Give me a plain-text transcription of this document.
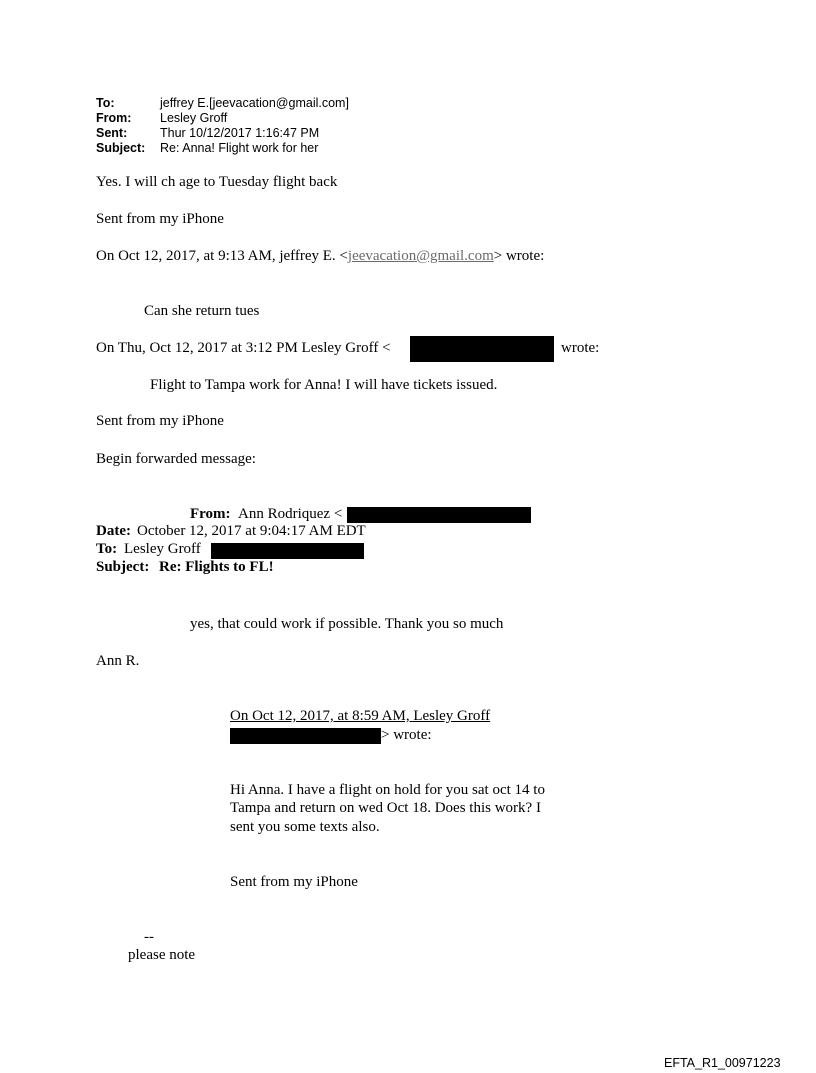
To:	jeffrey E.[jeevacation@gmail.com]
From: Lesley Groff
Sent:	Thur 10/12/2017 1:16:47 PM
Subject: Re: Anna! Flight work for her
Yes. I will ch age to Tuesday flight back
Sent from my iPhone
On Oct 12, 2017, at 9:13 AM, jeffrey E. <jeevacation@gmail.com> wrote:
Can she return tues
On Thu, Oct 12, 2017 at 3:12 PM Lesley Groff <	wrote:
Flight to Tampa work for Anna! I will have tickets issued.
Sent from my iPhone
Begin forwarded message:
From: Ann Rodriquez <
Date: October 12, 2017 at 9:04:17 AM EDT
To: Lesley Groff
Subject: Re: Flights to FL!
yes, that could work if possible. Thank you so much
Ann R.
On Oct 12, 2017, at 8:59 AM, Lesley Groff
> wrote:
Hi Anna. I have a flight on hold for you sat oct 14 to
Tampa and return on wed Oct 18. Does this work? I
sent you some texts also.
Sent from my iPhone
--
please note
EFTA_R1_00971223
